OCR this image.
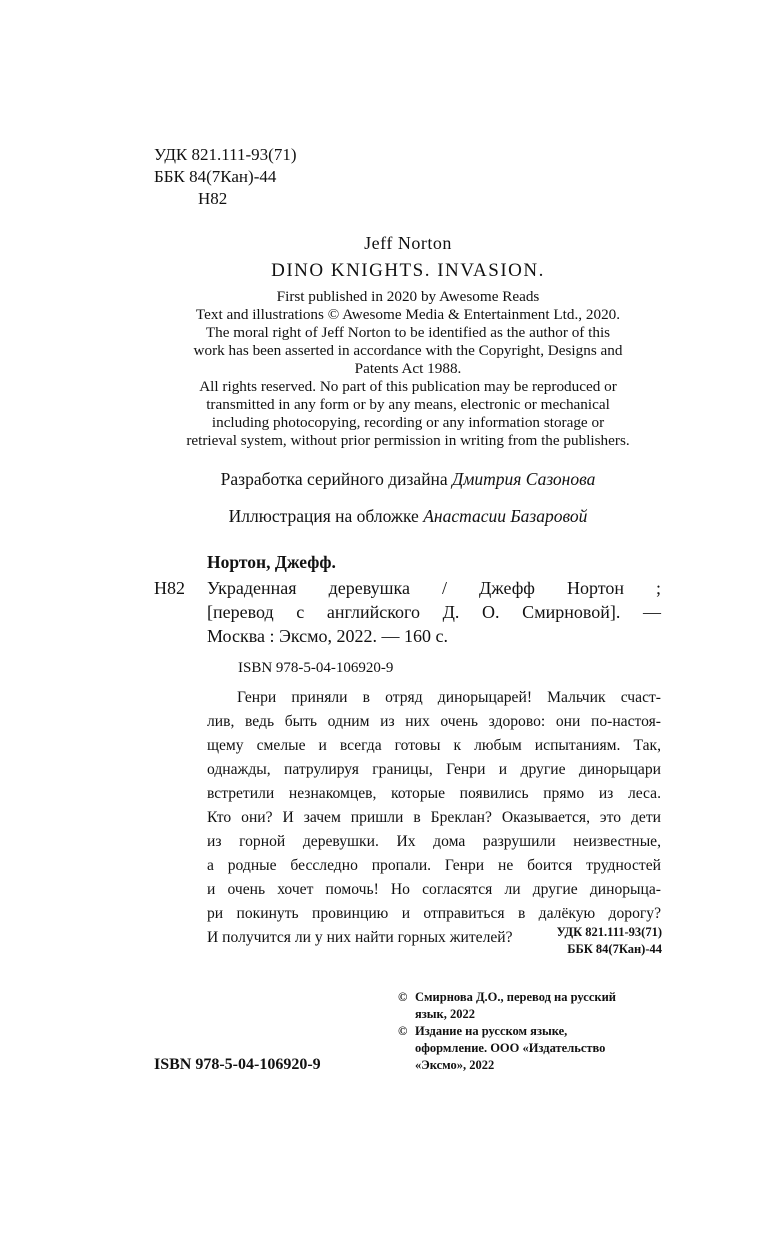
УДК 821.111-93(71)
ББК 84(7Кан)-44
Н82
Jeff Norton
DINO KNIGHTS. INVASION.

First published in 2020 by Awesome Reads

Text and illustrations © Awesome Media & Entertainment Ltd., 2020.

The moral right of Jeff Norton to be identified as the author of this

work has been asserted in accordance with the Copyright, Designs and

Patents Act 1988.

All rights reserved. No part of this publication may be reproduced or

transmitted in any form or by any means, electronic or mechanical

including photocopying, recording or any information storage or

retrieval system, without prior permission in writing from the publishers.

Разработка серийного дизайна Дмитрия Сазонова
Иллюстрация на обложке Анастасии Базаровой
Нортон, Джефф.
Н82 Украденная деревушка / Джефф Нортон ;
[перевод с английского Д. О. Смирновой]. —
Москва : Эксмо, 2022. — 160 с.
ISBN 978-5-04-106920-9
Генри приняли в отряд динорыцарей! Мальчик счаст-
лив, ведь быть одним из них очень здорово: они по-настоя-
щему смелые и всегда готовы к любым испытаниям. Так,
однажды, патрулируя границы, Генри и другие динорыцари
встретили незнакомцев, которые появились прямо из леса.
Кто они? И зачем пришли в Бреклан? Оказывается, это дети
из горной деревушки. Их дома разрушили неизвестные,
а родные бесследно пропали. Генри не боится трудностей
и очень хочет помочь! Но согласятся ли другие динорыца-
ри покинуть провинцию и отправиться в далёкую дорогу?
И получится ли у них найти горных жителей?	УДК 821.111-93(71)
ББК 84(7Кан)-44
© Смирнова Д.О., перевод на русский
язык, 2022
© Издание на русском языке,
оформление. ООО «Издательство
«Эксмо», 2022
ISBN 978-5-04-106920-9
